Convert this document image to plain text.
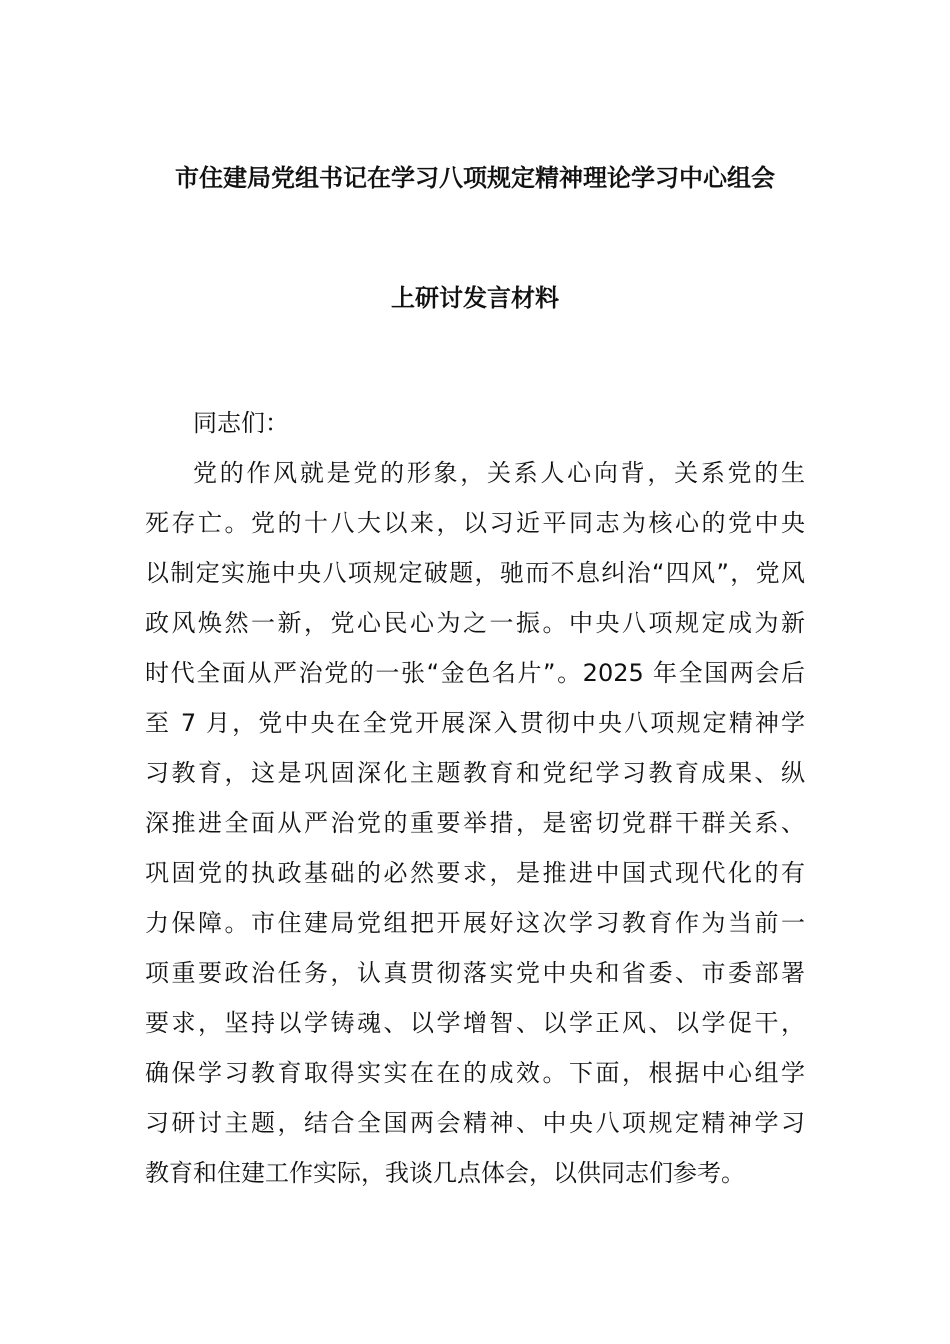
市住建局党组书记在学习八项规定精神理论学习中心组会
上研讨发言材料
同志们：
党的作风就是党的形象，关系人心向背，关系党的生
死存亡。党的十八大以来，以习近平同志为核心的党中央
以制定实施中央八项规定破题，驰而不息纠治“四风”，党风
政风焕然一新，党心民心为之一振。中央八项规定成为新
时代全面从严治党的一张“金色名片”。2025 年全国两会后
至 7 月，党中央在全党开展深入贯彻中央八项规定精神学
习教育，这是巩固深化主题教育和党纪学习教育成果、纵
深推进全面从严治党的重要举措，是密切党群干群关系、
巩固党的执政基础的必然要求，是推进中国式现代化的有
力保障。市住建局党组把开展好这次学习教育作为当前一
项重要政治任务，认真贯彻落实党中央和省委、市委部署
要求，坚持以学铸魂、以学增智、以学正风、以学促干，
确保学习教育取得实实在在的成效。下面，根据中心组学
习研讨主题，结合全国两会精神、中央八项规定精神学习
教育和住建工作实际，我谈几点体会，以供同志们参考。
